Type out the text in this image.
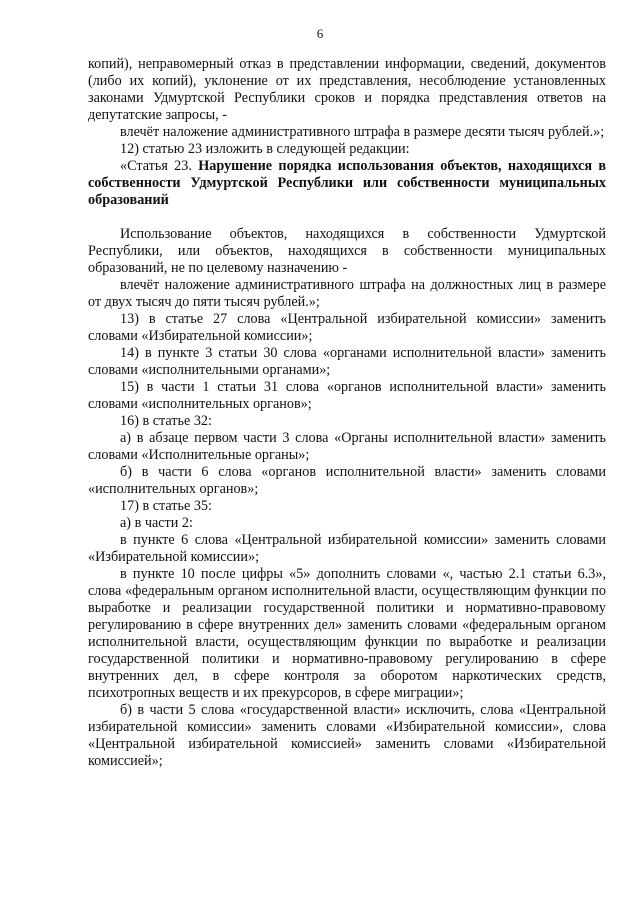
6

копий), неправомерный отказ в представлении информации, сведений, документов (либо их копий), уклонение от их представления, несоблюдение установленных законами Удмуртской Республики сроков и порядка представления ответов на депутатские запросы, -

влечёт наложение административного штрафа в размере десяти тысяч рублей.»;

12) статью 23 изложить в следующей редакции:

«Статья 23. Нарушение порядка использования объектов, находящихся в собственности Удмуртской Республики или собственности муниципальных образований

Использование объектов, находящихся в собственности Удмуртской Республики, или объектов, находящихся в собственности муниципальных образований, не по целевому назначению -

влечёт наложение административного штрафа на должностных лиц в размере от двух тысяч до пяти тысяч рублей.»;

13) в статье 27 слова «Центральной избирательной комиссии» заменить словами «Избирательной комиссии»;

14) в пункте 3 статьи 30 слова «органами исполнительной власти» заменить словами «исполнительными органами»;

15) в части 1 статьи 31 слова «органов исполнительной власти» заменить словами «исполнительных органов»;

16) в статье 32:

а) в абзаце первом части 3 слова «Органы исполнительной власти» заменить словами «Исполнительные органы»;

б) в части 6 слова «органов исполнительной власти» заменить словами «исполнительных органов»;

17) в статье 35:

а) в части 2:

в пункте 6 слова «Центральной избирательной комиссии» заменить словами «Избирательной комиссии»;

в пункте 10 после цифры «5» дополнить словами «, частью 2.1 статьи 6.3», слова «федеральным органом исполнительной власти, осуществляющим функции по выработке и реализации государственной политики и нормативно-правовому регулированию в сфере внутренних дел» заменить словами «федеральным органом исполнительной власти, осуществляющим функции по выработке и реализации государственной политики и нормативно-правовому регулированию в сфере внутренних дел, в сфере контроля за оборотом наркотических средств, психотропных веществ и их прекурсоров, в сфере миграции»;

б) в части 5 слова «государственной власти» исключить, слова «Центральной избирательной комиссии» заменить словами «Избирательной комиссии», слова «Центральной избирательной комиссией» заменить словами «Избирательной комиссией»;
